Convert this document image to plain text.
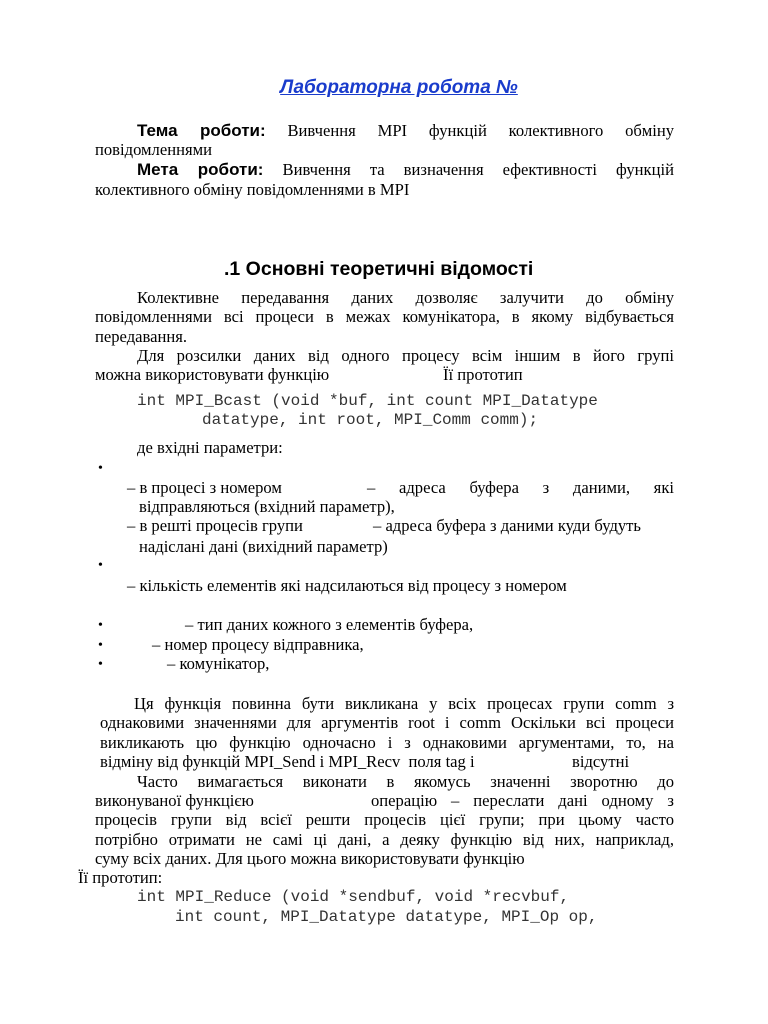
Лабораторна робота №
Тема роботи: Вивчення MPI функцій колективного обміну
повідомленнями
Мета роботи: Вивчення та визначення ефективності функцій
колективного обміну повідомленнями в MPI
.1 Основні теоретичні відомості
Колективне передавання даних дозволяє залучити до обміну
повідомленнями всі процеси в межах комунікатора, в якому відбувається
передавання.
Для розсилки даних від одного процесу всім іншим в його групі
можна використовувати функцію	Її прототип
int MPI_Bcast (void *buf, int count MPI_Datatype
datatype, int root, MPI_Comm comm);
де вхідні параметри:
•
– в процесі з номером	– адреса буфера з даними, які
відправляються (вхідний параметр),
– в решті процесів групи	– адреса буфера з даними куди будуть
надіслані дані (вихідний параметр)
•
– кількість елементів які надсилаються від процесу з номером
•	– тип даних кожного з елементів буфера,
•	– номер процесу відправника,
•	– комунікатор,
Ця функція повинна бути викликана у всіх процесах групи comm з
однаковими значеннями для аргументів root і comm Оскільки всі процеси
викликають цю функцію одночасно і з однаковими аргументами, то, на
відміну від функцій MPI_Send і MPI_Recv  поля tag і	відсутні
Часто вимагається виконати в якомусь значенні зворотню до
виконуваної функцією	операцію – переслати дані одному з
процесів групи від всієї решти процесів цієї групи; при цьому часто
потрібно отримати не самі ці дані, а деяку функцію від них, наприклад,
суму всіх даних. Для цього можна використовувати функцію
Її прототип:
int MPI_Reduce (void *sendbuf, void *recvbuf,
int count, MPI_Datatype datatype, MPI_Op op,
